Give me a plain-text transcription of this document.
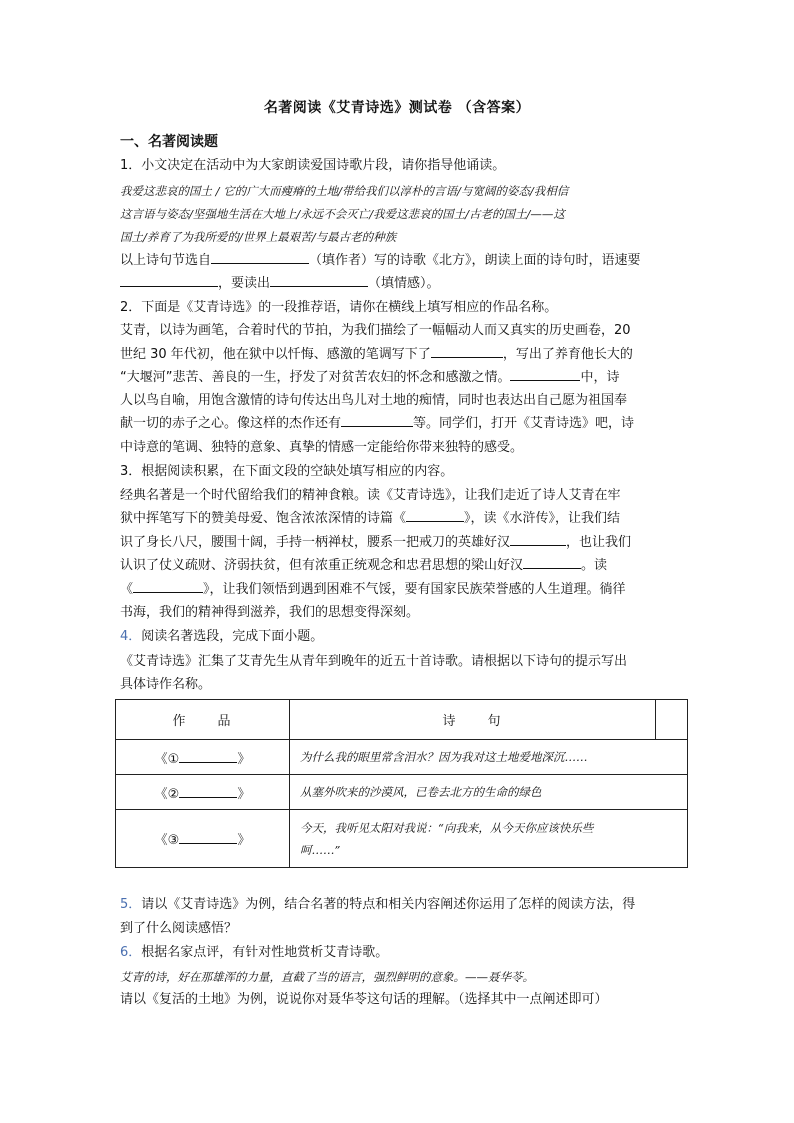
名著阅读《艾青诗选》测试卷 （含答案）
一、名著阅读题
1．小文决定在活动中为大家朗读爱国诗歌片段，请你指导他诵读。
我爱这悲哀的国土 / 它的广大而瘦瘠的土地/带给我们以淳朴的言语/与宽阔的姿态/我相信
这言语与姿态/坚强地生活在大地上/永远不会灭亡/我爱这悲哀的国土/古老的国土/——这
国土/养育了为我所爱的/世界上最艰苦/与最古老的种族
以上诗句节选自	（填作者）写的诗歌《北方》，朗读上面的诗句时，语速要
，要读出	（填情感）。
2．下面是《艾青诗选》的一段推荐语，请你在横线上填写相应的作品名称。
艾青，以诗为画笔，合着时代的节拍，为我们描绘了一幅幅动人而又真实的历史画卷，20
世纪 30 年代初，他在狱中以忏悔、感激的笔调写下了	，写出了养育他长大的
“大堰河”悲苦、善良的一生，抒发了对贫苦农妇的怀念和感激之情。	中，诗
人以鸟自喻，用饱含激情的诗句传达出鸟儿对土地的痴情，同时也表达出自己愿为祖国奉
献一切的赤子之心。像这样的杰作还有	等。同学们，打开《艾青诗选》吧，诗
中诗意的笔调、独特的意象、真挚的情感一定能给你带来独特的感受。
3．根据阅读积累，在下面文段的空缺处填写相应的内容。
经典名著是一个时代留给我们的精神食粮。读《艾青诗选》，让我们走近了诗人艾青在牢
狱中挥笔写下的赞美母爱、饱含浓浓深情的诗篇《	》，读《水浒传》，让我们结
识了身长八尺，腰围十阔，手持一柄禅杖，腰系一把戒刀的英雄好汉	，也让我们
认识了仗义疏财、济弱扶贫，但有浓重正统观念和忠君思想的梁山好汉	。读
《	》，让我们领悟到遇到困难不气馁，要有国家民族荣誉感的人生道理。徜徉
书海，我们的精神得到滋养，我们的思想变得深刻。
4．阅读名著选段，完成下面小题。
《艾青诗选》汇集了艾青先生从青年到晚年的近五十首诗歌。请根据以下诗句的提示写出
具体诗作名称。
作　　品	诗　　句	
《① 》	为什么我的眼里常含泪水？因为我对这土地爱地深沉……	
《② 》	从塞外吹来的沙漠风，已卷去北方的生命的绿色	
《③ 》	今天，我听见太阳对我说：“向我来，从今天你应该快乐些
呵……”	
5．请以《艾青诗选》为例，结合名著的特点和相关内容阐述你运用了怎样的阅读方法，得
到了什么阅读感悟？
6．根据名家点评，有针对性地赏析艾青诗歌。
艾青的诗，好在那雄浑的力量，直截了当的语言，强烈鲜明的意象。——聂华苓。
请以《复活的土地》为例，说说你对聂华苓这句话的理解。（选择其中一点阐述即可）
